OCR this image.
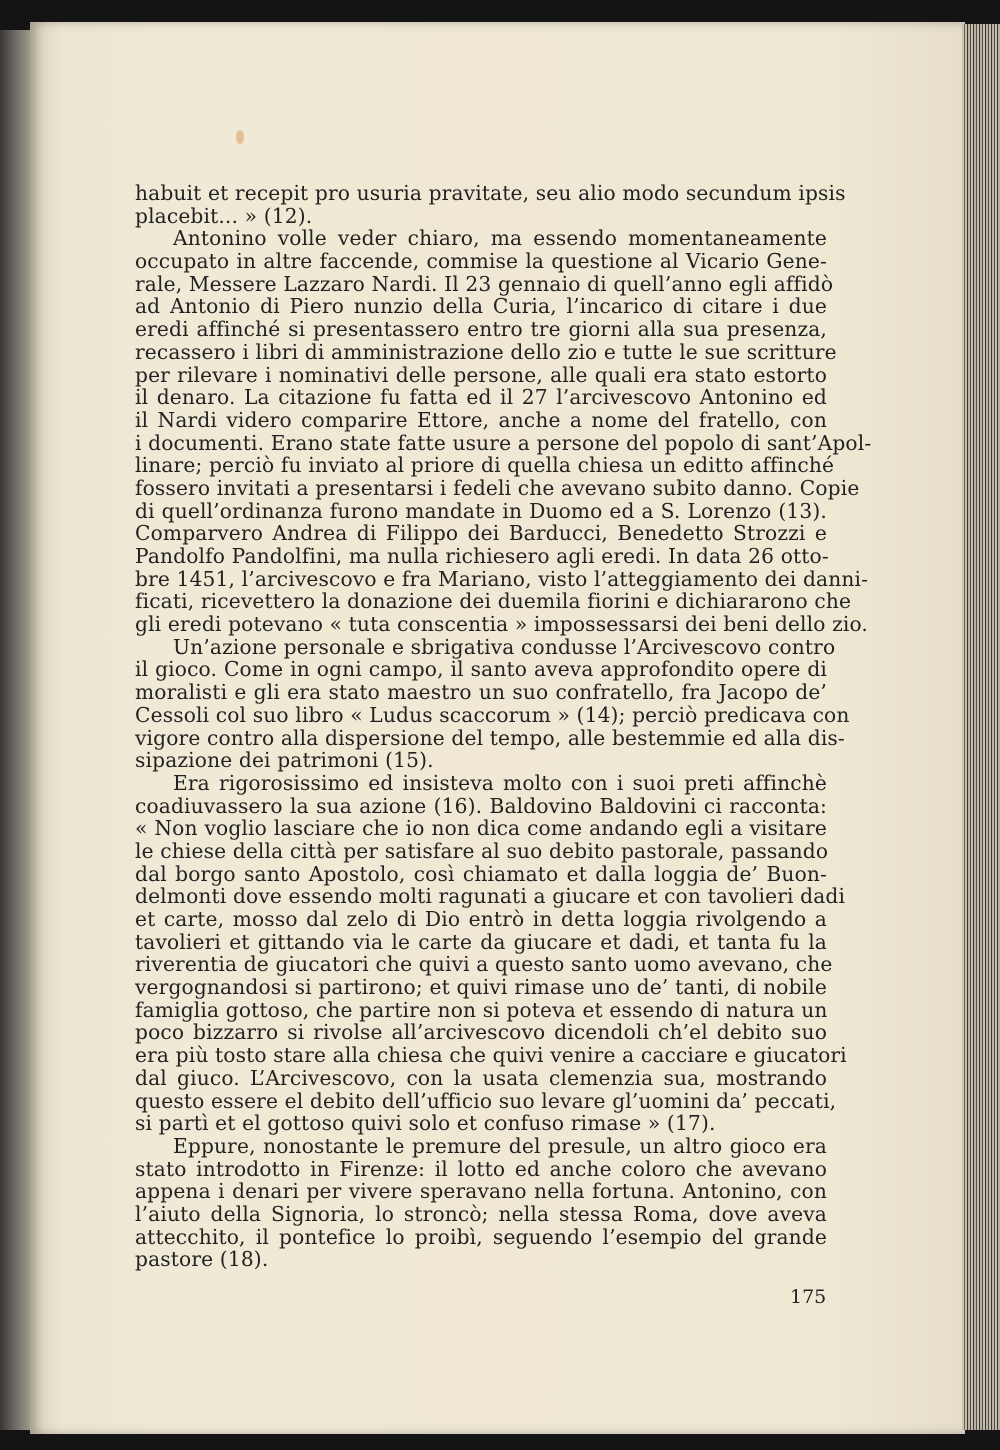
habuit et recepit pro usuria pravitate, seu alio modo secundum ipsis
placebit... » (12).
Antonino volle veder chiaro, ma essendo momentaneamente
occupato in altre faccende, commise la questione al Vicario Gene-
rale, Messere Lazzaro Nardi. Il 23 gennaio di quell’anno egli affidò
ad Antonio di Piero nunzio della Curia, l’incarico di citare i due
eredi affinché si presentassero entro tre giorni alla sua presenza,
recassero i libri di amministrazione dello zio e tutte le sue scritture
per rilevare i nominativi delle persone, alle quali era stato estorto
il denaro. La citazione fu fatta ed il 27 l’arcivescovo Antonino ed
il Nardi videro comparire Ettore, anche a nome del fratello, con
i documenti. Erano state fatte usure a persone del popolo di sant’Apol-
linare; perciò fu inviato al priore di quella chiesa un editto affinché
fossero invitati a presentarsi i fedeli che avevano subito danno. Copie
di quell’ordinanza furono mandate in Duomo ed a S. Lorenzo (13).
Comparvero Andrea di Filippo dei Barducci, Benedetto Strozzi e
Pandolfo Pandolfini, ma nulla richiesero agli eredi. In data 26 otto-
bre 1451, l’arcivescovo e fra Mariano, visto l’atteggiamento dei danni-
ficati, ricevettero la donazione dei duemila fiorini e dichiararono che
gli eredi potevano « tuta conscentia » impossessarsi dei beni dello zio.
Un’azione personale e sbrigativa condusse l’Arcivescovo contro
il gioco. Come in ogni campo, il santo aveva approfondito opere di
moralisti e gli era stato maestro un suo confratello, fra Jacopo de’
Cessoli col suo libro « Ludus scaccorum » (14); perciò predicava con
vigore contro alla dispersione del tempo, alle bestemmie ed alla dis-
sipazione dei patrimoni (15).
Era rigorosissimo ed insisteva molto con i suoi preti affinchè
coadiuvassero la sua azione (16). Baldovino Baldovini ci racconta:
« Non voglio lasciare che io non dica come andando egli a visitare
le chiese della città per satisfare al suo debito pastorale, passando
dal borgo santo Apostolo, così chiamato et dalla loggia de’ Buon-
delmonti dove essendo molti ragunati a giucare et con tavolieri dadi
et carte, mosso dal zelo di Dio entrò in detta loggia rivolgendo a
tavolieri et gittando via le carte da giucare et dadi, et tanta fu la
riverentia de giucatori che quivi a questo santo uomo avevano, che
vergognandosi si partirono; et quivi rimase uno de’ tanti, di nobile
famiglia gottoso, che partire non si poteva et essendo di natura un
poco bizzarro si rivolse all’arcivescovo dicendoli ch’el debito suo
era più tosto stare alla chiesa che quivi venire a cacciare e giucatori
dal giuco. L’Arcivescovo, con la usata clemenzia sua, mostrando
questo essere el debito dell’ufficio suo levare gl’uomini da’ peccati,
si partì et el gottoso quivi solo et confuso rimase » (17).
Eppure, nonostante le premure del presule, un altro gioco era
stato introdotto in Firenze: il lotto ed anche coloro che avevano
appena i denari per vivere speravano nella fortuna. Antonino, con
l’aiuto della Signoria, lo stroncò; nella stessa Roma, dove aveva
attecchito, il pontefice lo proibì, seguendo l’esempio del grande
pastore (18).
175
